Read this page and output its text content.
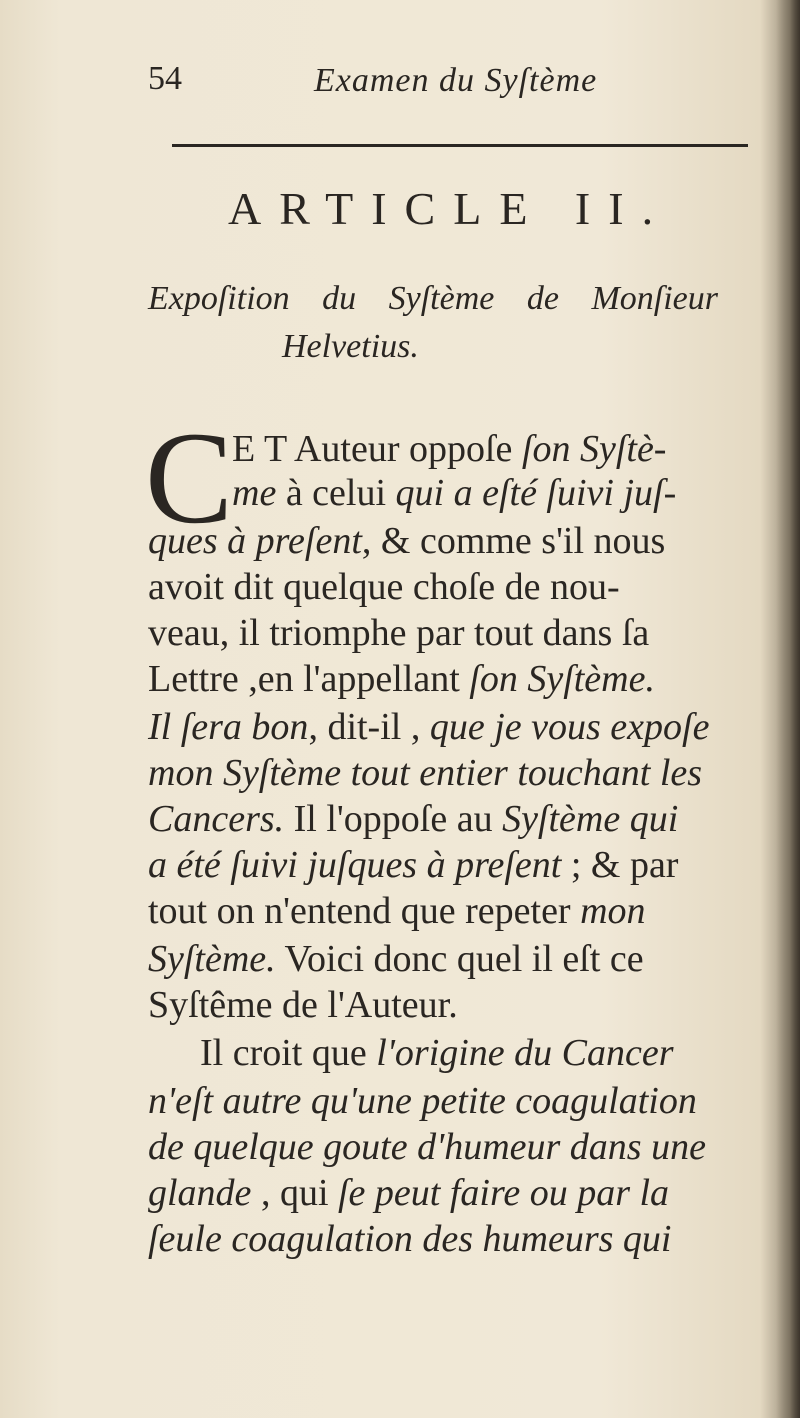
54	Examen du Syſtème
ARTICLE II.
Expoſition du Syſtème de Monſieur
Helvetius.
C
E T Auteur oppoſe ſon Syſtè-
me à celui qui a eſté ſuivi juſ-
ques à preſent, & comme s'il nous
avoit dit quelque choſe de nou-
veau, il triomphe par tout dans ſa
Lettre ,en l'appellant ſon Syſtème.
Il ſera bon, dit-il , que je vous expoſe
mon Syſtème tout entier touchant les
Cancers. Il l'oppoſe au Syſtème qui
a été ſuivi juſques à preſent ; & par
tout on n'entend que repeter mon
Syſtème. Voici donc quel il eſt ce
Syſtême de l'Auteur.
Il croit que l'origine du Cancer
n'eſt autre qu'une petite coagulation
de quelque goute d'humeur dans une
glande , qui ſe peut faire ou par la
ſeule coagulation des humeurs qui
